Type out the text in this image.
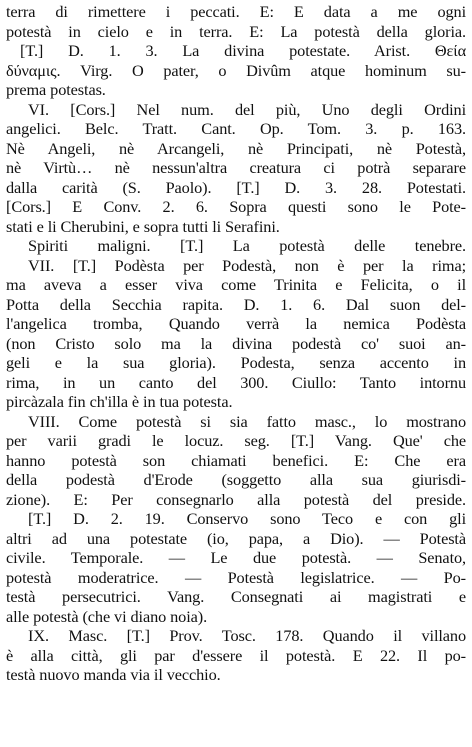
terra di rimettere i peccati. E: E data a me ogni
potestà in cielo e in terra. E: La potestà della gloria.
[T.] D. 1. 3. La divina potestate. Arist. Θεία
δύναμις. Virg. O pater, o Divûm atque hominum su-
prema potestas.
VI. [Cors.] Nel num. del più, Uno degli Ordini
angelici. Belc. Tratt. Cant. Op. Tom. 3. p. 163.
Nè Angeli, nè Arcangeli, nè Principati, nè Potestà,
nè Virtù… nè nessun'altra creatura ci potrà separare
dalla carità (S. Paolo). [T.] D. 3. 28. Potestati.
[Cors.] E Conv. 2. 6. Sopra questi sono le Pote-
stati e li Cherubini, e sopra tutti li Serafini.
Spiriti maligni. [T.] La potestà delle tenebre.
VII. [T.] Podèsta per Podestà, non è per la rima;
ma aveva a esser viva come Trinita e Felicita, o il
Potta della Secchia rapita. D. 1. 6. Dal suon del-
l'angelica tromba, Quando verrà la nemica Podèsta
(non Cristo solo ma la divina podestà co' suoi an-
geli e la sua gloria). Podesta, senza accento in
rima, in un canto del 300. Ciullo: Tanto intornu
pircàzala fin ch'illa è in tua potesta.
VIII. Come potestà si sia fatto masc., lo mostrano
per varii gradi le locuz. seg. [T.] Vang. Que' che
hanno potestà son chiamati benefici. E: Che era
della podestà d'Erode (soggetto alla sua giurisdi-
zione). E: Per consegnarlo alla potestà del preside.
[T.] D. 2. 19. Conservo sono Teco e con gli
altri ad una potestate (io, papa, a Dio). — Potestà
civile. Temporale. — Le due potestà. — Senato,
potestà moderatrice. — Potestà legislatrice. — Po-
testà persecutrici. Vang. Consegnati ai magistrati e
alle potestà (che vi diano noia).
IX. Masc. [T.] Prov. Tosc. 178. Quando il villano
è alla città, gli par d'essere il potestà. E 22. Il po-
testà nuovo manda via il vecchio.
